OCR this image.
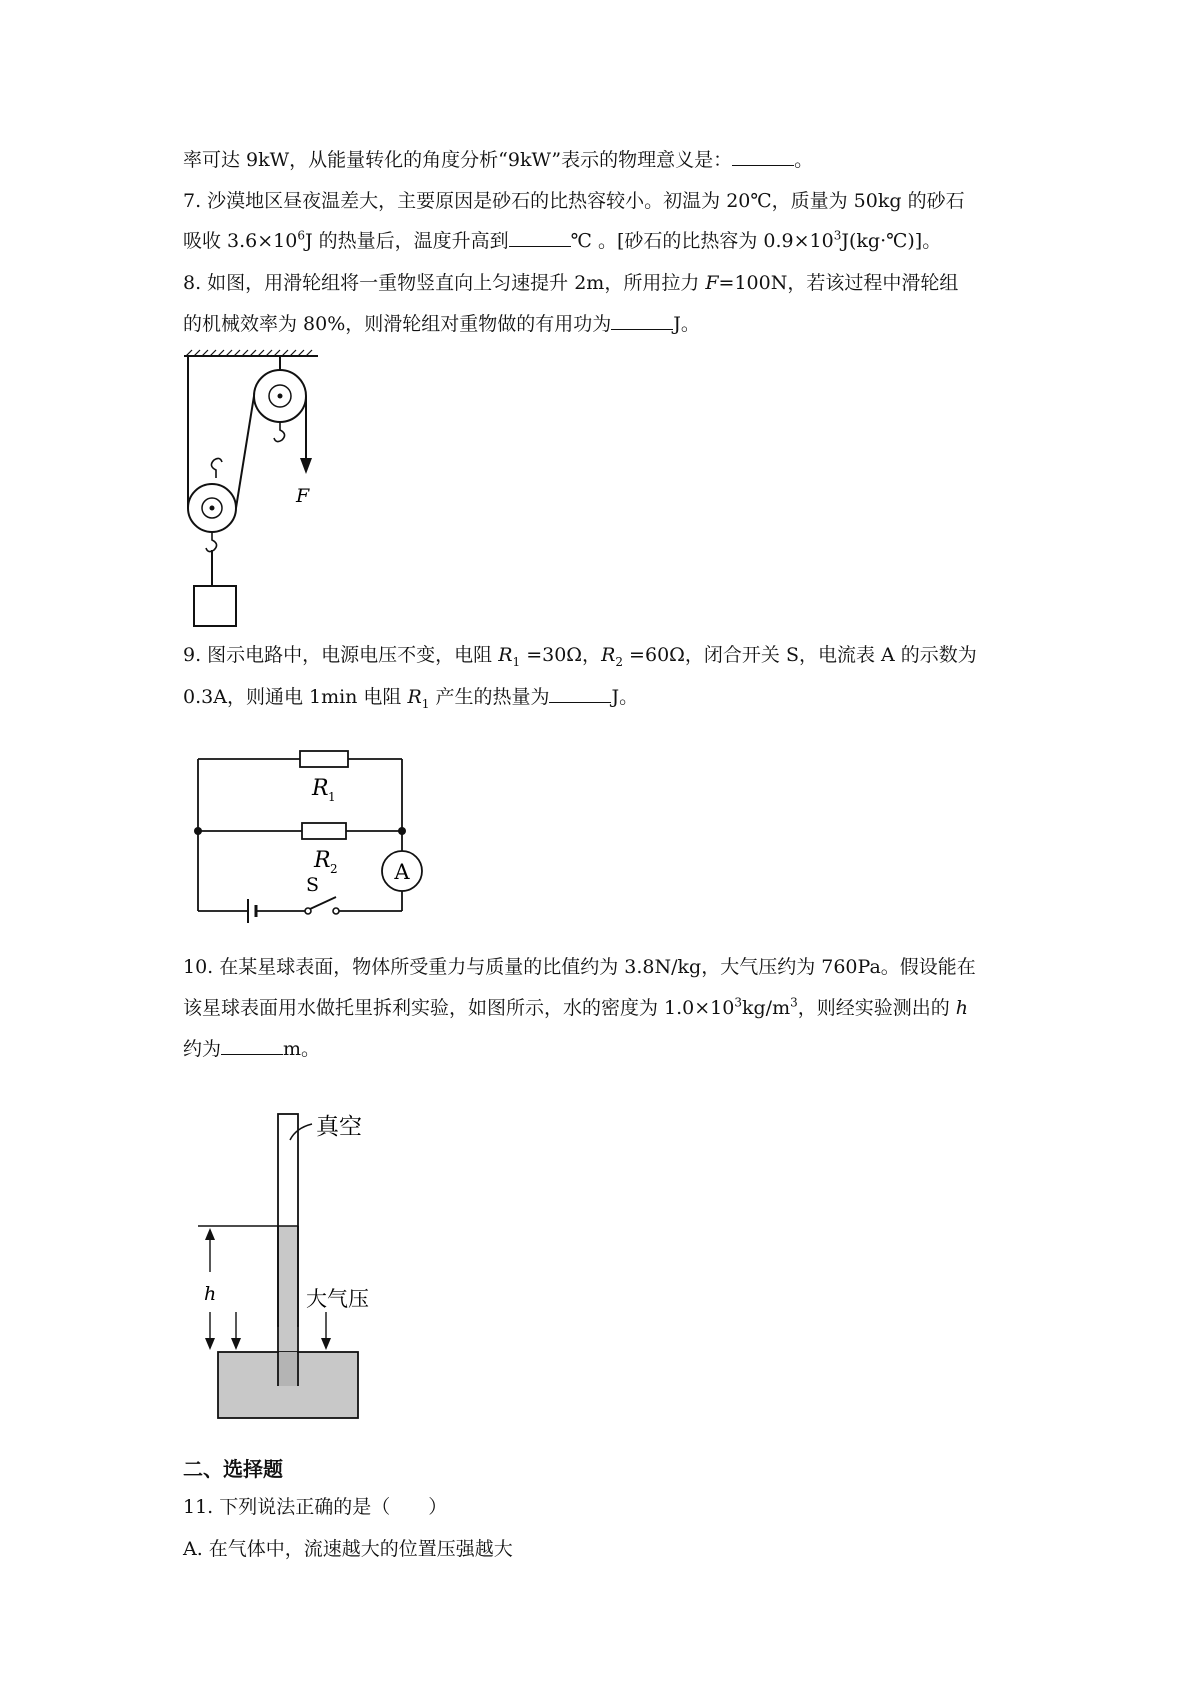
率可达 9kW，从能量转化的角度分析“9kW”表示的物理意义是：	。
7. 沙漠地区昼夜温差大，主要原因是砂石的比热容较小。初温为 20℃，质量为 50kg 的砂石
吸收 $3.6\times 10^6J$ 的热量后，温度升高到	℃ 。[砂石的比热容为 $0.9\times 10^3J(kg\cdot℃)$]。
8. 如图，用滑轮组将一重物竖直向上匀速提升 2m，所用拉力 F=100N，若该过程中滑轮组
的机械效率为 80%，则滑轮组对重物做的有用功为	J。
F
9. 图示电路中，电源电压不变，电阻 $R_1 =30\Omega$，$R_2 =60\Omega$，闭合开关 S，电流表 A 的示数为
0.3A，则通电 1min 电阻 $R_1$ 产生的热量为	J。
A
S
R 1
R 2
10. 在某星球表面，物体所受重力与质量的比值约为 3.8N/kg，大气压约为 760Pa。假设能在
该星球表面用水做托里拆利实验，如图所示，水的密度为 $1.0\times 10^3kg/m^3$，则经实验测出的 h
约为	m。
h
真空
大气压
二、选择题
11. 下列说法正确的是（　　）
A. 在气体中，流速越大的位置压强越大
